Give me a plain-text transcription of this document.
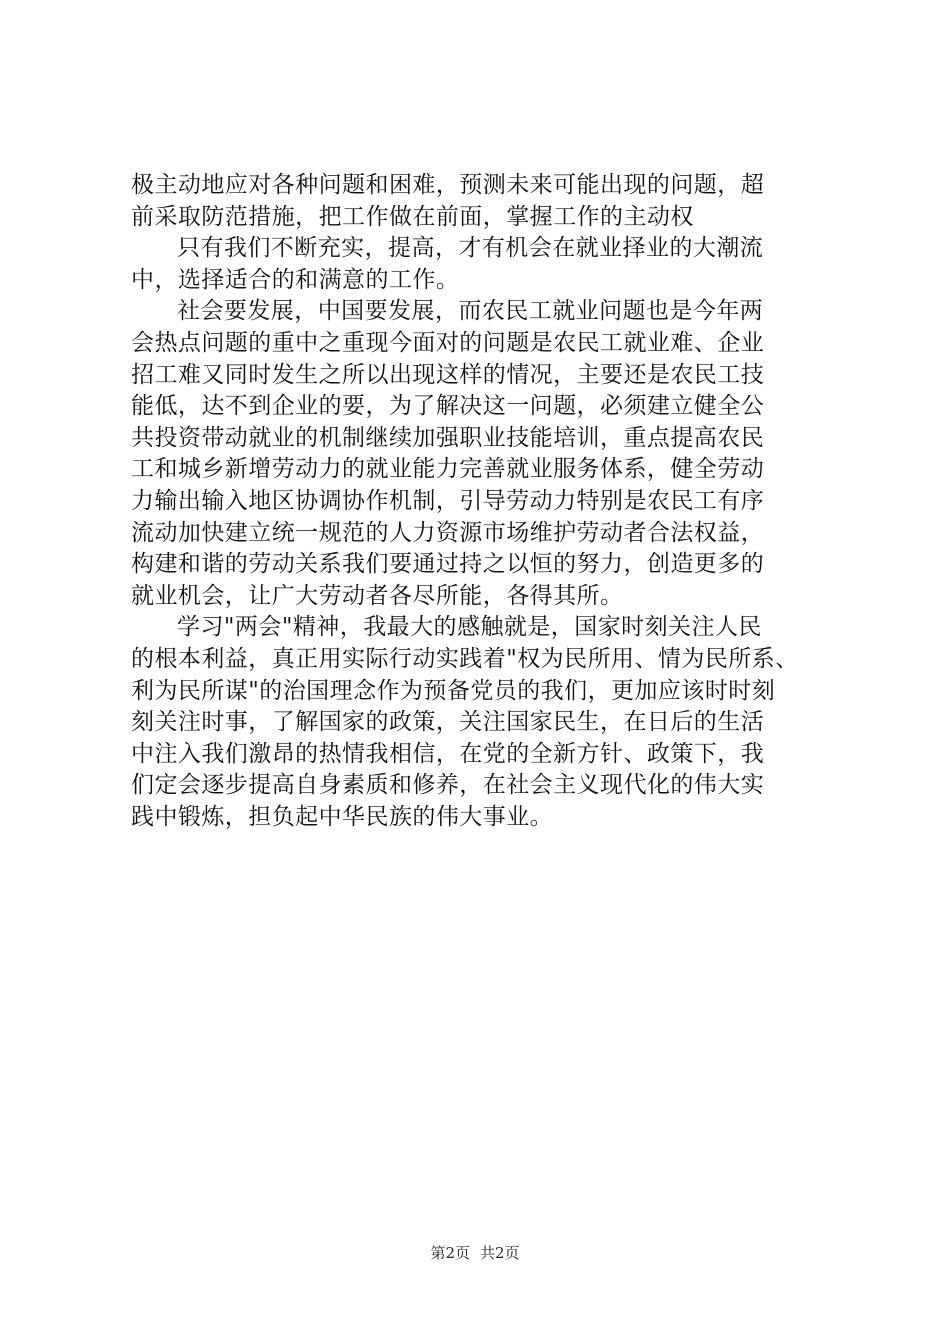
极主动地应对各种问题和困难，预测未来可能出现的问题，超
前采取防范措施，把工作做在前面，掌握工作的主动权
只有我们不断充实，提高，才有机会在就业择业的大潮流
中，选择适合的和满意的工作。
社会要发展，中国要发展，而农民工就业问题也是今年两
会热点问题的重中之重现今面对的问题是农民工就业难、企业
招工难又同时发生之所以出现这样的情况，主要还是农民工技
能低，达不到企业的要，为了解决这一问题，必须建立健全公
共投资带动就业的机制继续加强职业技能培训，重点提高农民
工和城乡新增劳动力的就业能力完善就业服务体系，健全劳动
力输出输入地区协调协作机制，引导劳动力特别是农民工有序
流动加快建立统一规范的人力资源市场维护劳动者合法权益，
构建和谐的劳动关系我们要通过持之以恒的努力，创造更多的
就业机会，让广大劳动者各尽所能，各得其所。
学习"两会"精神，我最大的感触就是，国家时刻关注人民
的根本利益，真正用实际行动实践着"权为民所用、情为民所系、
利为民所谋"的治国理念作为预备党员的我们，更加应该时时刻
刻关注时事，了解国家的政策，关注国家民生，在日后的生活
中注入我们激昂的热情我相信，在党的全新方针、政策下，我
们定会逐步提高自身素质和修养，在社会主义现代化的伟大实
践中锻炼，担负起中华民族的伟大事业。
第2页 共2页
